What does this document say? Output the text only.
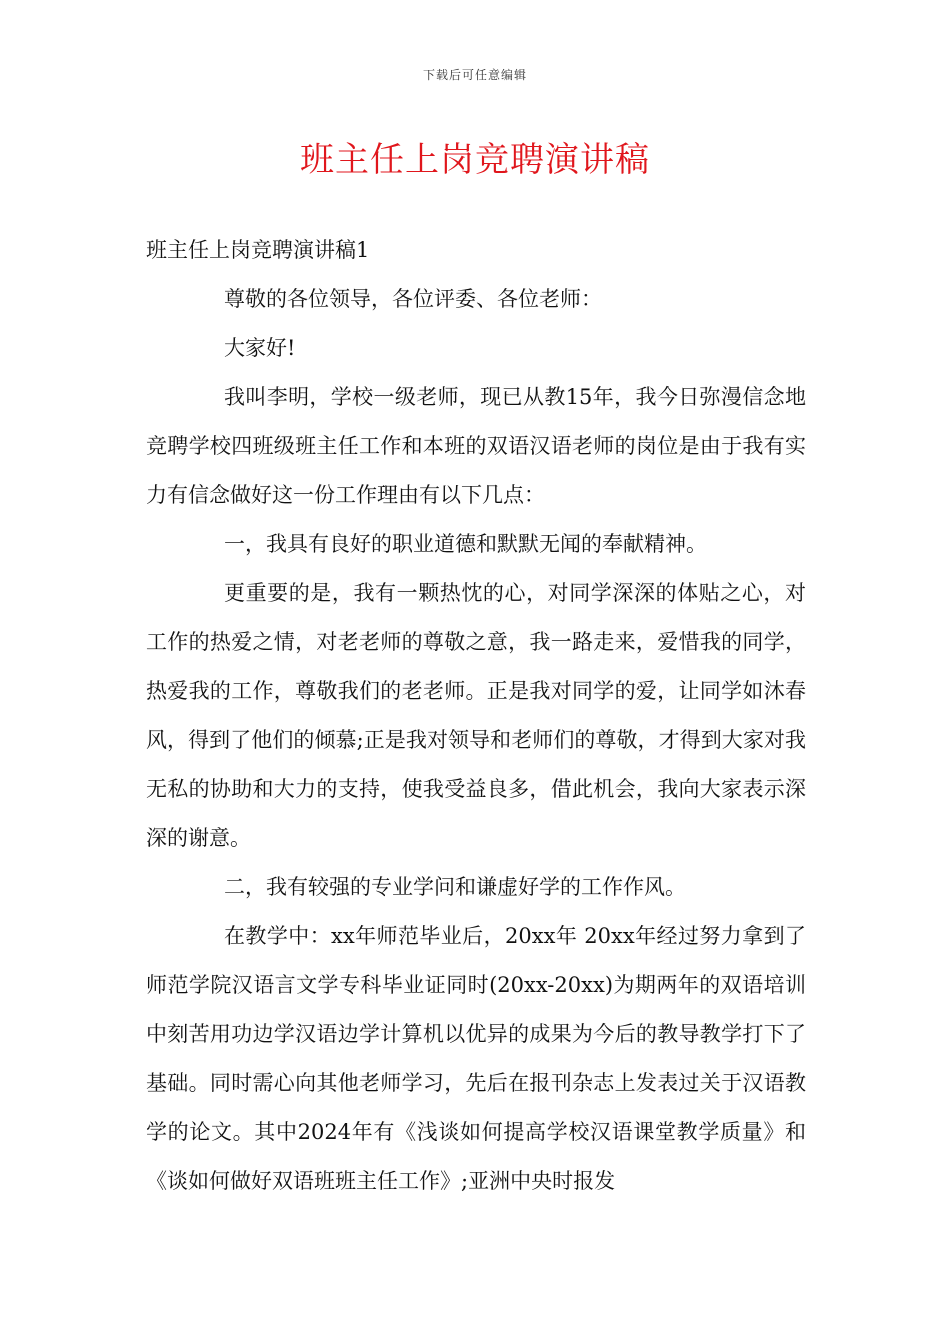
下载后可任意编辑
班主任上岗竞聘演讲稿

班主任上岗竞聘演讲稿1

尊敬的各位领导，各位评委、各位老师：

大家好!

我叫李明，学校一级老师，现已从教15年，我今日弥漫信念地竞聘学校四班级班主任工作和本班的双语汉语老师的岗位是由于我有实力有信念做好这一份工作理由有以下几点：

一，我具有良好的职业道德和默默无闻的奉献精神。

更重要的是，我有一颗热忱的心，对同学深深的体贴之心，对工作的热爱之情，对老老师的尊敬之意，我一路走来，爱惜我的同学，热爱我的工作，尊敬我们的老老师。正是我对同学的爱，让同学如沐春风，得到了他们的倾慕;正是我对领导和老师们的尊敬，才得到大家对我无私的协助和大力的支持，使我受益良多，借此机会，我向大家表示深深的谢意。

二，我有较强的专业学问和谦虚好学的工作作风。

在教学中：xx年师范毕业后，20xx年 20xx年经过努力拿到了师范学院汉语言文学专科毕业证同时(20xx-20xx)为期两年的双语培训中刻苦用功边学汉语边学计算机以优异的成果为今后的教导教学打下了基础。同时需心向其他老师学习，先后在报刊杂志上发表过关于汉语教学的论文。其中2024年有《浅谈如何提高学校汉语课堂教学质量》和《谈如何做好双语班班主任工作》;亚洲中央时报发
